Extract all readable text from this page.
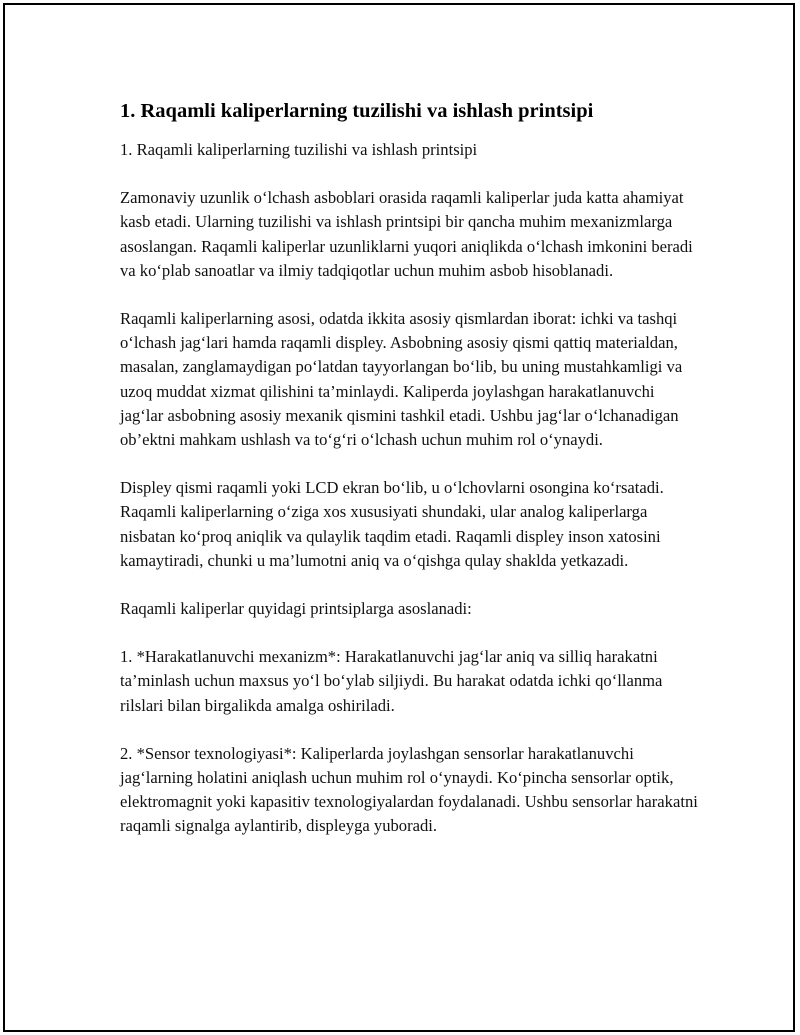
1. Raqamli kaliperlarning tuzilishi va ishlash printsipi

1. Raqamli kaliperlarning tuzilishi va ishlash printsipi

Zamonaviy uzunlik o‘lchash asboblari orasida raqamli kaliperlar juda katta ahamiyat kasb etadi. Ularning tuzilishi va ishlash printsipi bir qancha muhim mexanizmlarga asoslangan. Raqamli kaliperlar uzunliklarni yuqori aniqlikda o‘lchash imkonini beradi va ko‘plab sanoatlar va ilmiy tadqiqotlar uchun muhim asbob hisoblanadi.

Raqamli kaliperlarning asosi, odatda ikkita asosiy qismlardan iborat: ichki va tashqi o‘lchash jag‘lari hamda raqamli displey. Asbobning asosiy qismi qattiq materialdan, masalan, zanglamaydigan po‘latdan tayyorlangan bo‘lib, bu uning mustahkamligi va uzoq muddat xizmat qilishini ta’minlaydi. Kaliperda joylashgan harakatlanuvchi jag‘lar asbobning asosiy mexanik qismini tashkil etadi. Ushbu jag‘lar o‘lchanadigan ob’ektni mahkam ushlash va to‘g‘ri o‘lchash uchun muhim rol o‘ynaydi.

Displey qismi raqamli yoki LCD ekran bo‘lib, u o‘lchovlarni osongina ko‘rsatadi. Raqamli kaliperlarning o‘ziga xos xususiyati shundaki, ular analog kaliperlarga nisbatan ko‘proq aniqlik va qulaylik taqdim etadi. Raqamli displey inson xatosini kamaytiradi, chunki u ma’lumotni aniq va o‘qishga qulay shaklda yetkazadi.

Raqamli kaliperlar quyidagi printsiplarga asoslanadi:

1. *Harakatlanuvchi mexanizm*: Harakatlanuvchi jag‘lar aniq va silliq harakatni ta’minlash uchun maxsus yo‘l bo‘ylab siljiydi. Bu harakat odatda ichki qo‘llanma rilslari bilan birgalikda amalga oshiriladi.

2. *Sensor texnologiyasi*: Kaliperlarda joylashgan sensorlar harakatlanuvchi jag‘larning holatini aniqlash uchun muhim rol o‘ynaydi. Ko‘pincha sensorlar optik, elektromagnit yoki kapasitiv texnologiyalardan foydalanadi. Ushbu sensorlar harakatni raqamli signalga aylantirib, displeyga yuboradi.
